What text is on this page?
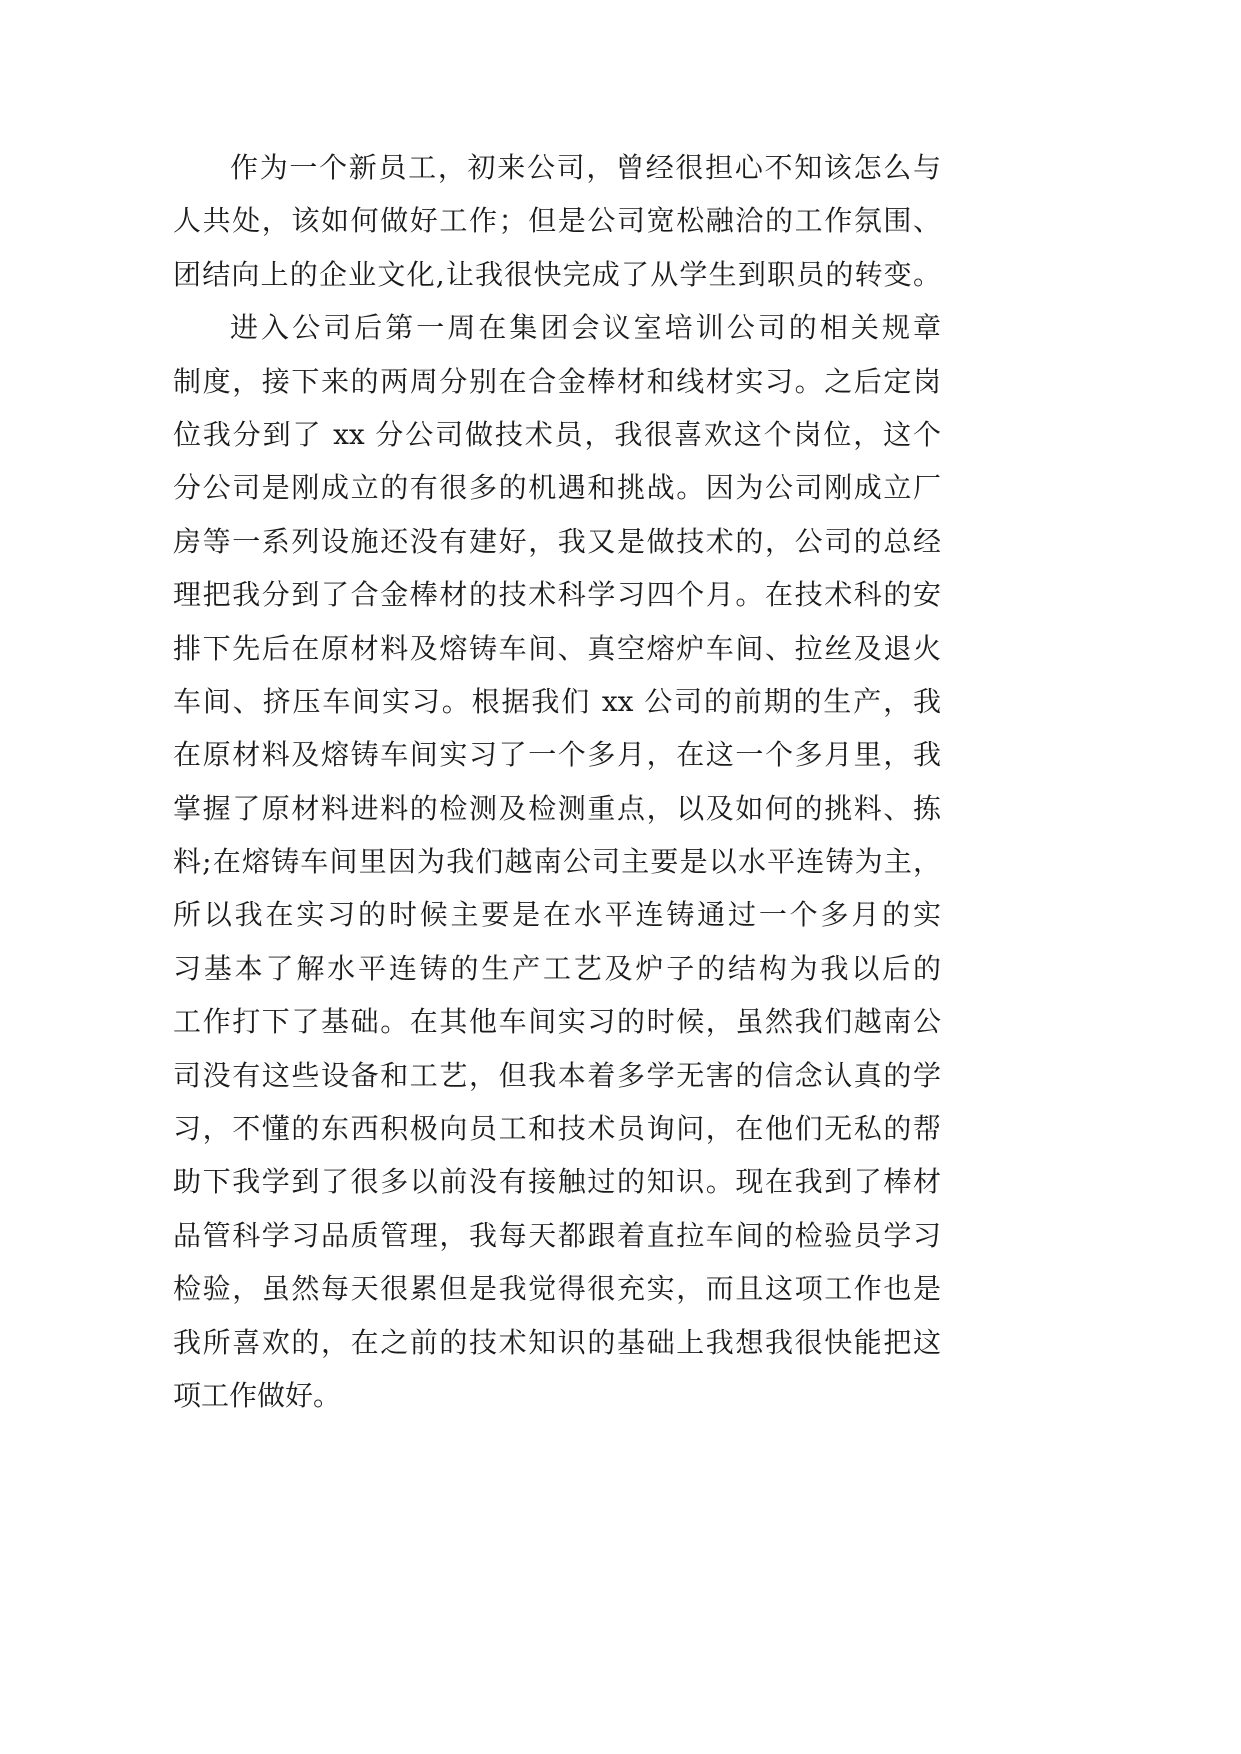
作为一个新员工，初来公司，曾经很担心不知该怎么与
人共处，该如何做好工作；但是公司宽松融洽的工作氛围、
团结向上的企业文化,让我很快完成了从学生到职员的转变。
进入公司后第一周在集团会议室培训公司的相关规章
制度，接下来的两周分别在合金棒材和线材实习。之后定岗
位我分到了 xx 分公司做技术员，我很喜欢这个岗位，这个
分公司是刚成立的有很多的机遇和挑战。因为公司刚成立厂
房等一系列设施还没有建好，我又是做技术的，公司的总经
理把我分到了合金棒材的技术科学习四个月。在技术科的安
排下先后在原材料及熔铸车间、真空熔炉车间、拉丝及退火
车间、挤压车间实习。根据我们 xx 公司的前期的生产，我
在原材料及熔铸车间实习了一个多月，在这一个多月里，我
掌握了原材料进料的检测及检测重点，以及如何的挑料、拣
料;在熔铸车间里因为我们越南公司主要是以水平连铸为主，
所以我在实习的时候主要是在水平连铸通过一个多月的实
习基本了解水平连铸的生产工艺及炉子的结构为我以后的
工作打下了基础。在其他车间实习的时候，虽然我们越南公
司没有这些设备和工艺，但我本着多学无害的信念认真的学
习，不懂的东西积极向员工和技术员询问，在他们无私的帮
助下我学到了很多以前没有接触过的知识。现在我到了棒材
品管科学习品质管理，我每天都跟着直拉车间的检验员学习
检验，虽然每天很累但是我觉得很充实，而且这项工作也是
我所喜欢的，在之前的技术知识的基础上我想我很快能把这
项工作做好。
